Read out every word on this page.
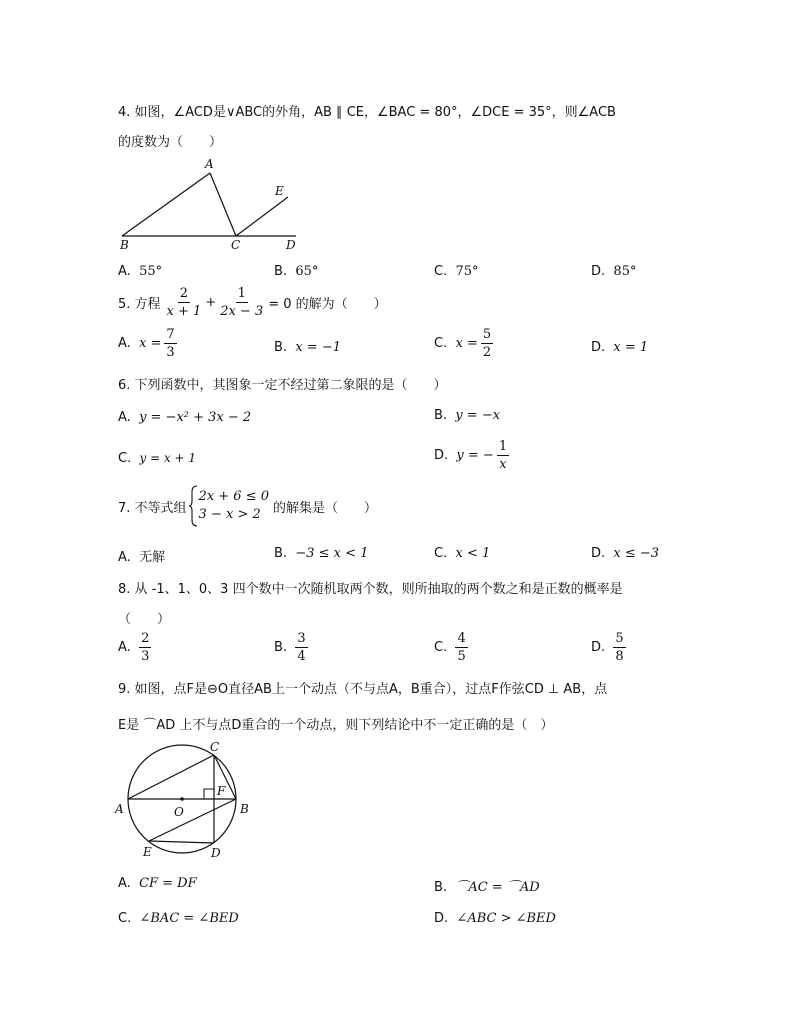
4. 如图，∠ACD是∨ABC的外角，AB ∥ CE，∠BAC = 80°，∠DCE = 35°，则∠ACB
的度数为（　　）
A
B	C	D
E
A. 55°	B. 65°	C. 75°	D. 85°
5. 方程 $\frac{2}{x + 1} + \frac{1}{2x - 3} = 0$ 的解为（　　）
A.
$x = \frac{7}{3}$	B. x = −1	C.
$x = \frac{5}{2}$	D. x = 1
6. 下列函数中，其图象一定不经过第二象限的是（　　）
A. y = −x² + 3x − 2	B. y = −x
C. y = x + 1	D.
y = − $\frac{1}{x}$
7. 不等式组
2x + 6 ≤ 0
3 − x > 2 的解集是（　　）
A. 无解	B. −3 ≤ x < 1	C. x < 1	D. x ≤ −3
8. 从 -1、1、0、3 四个数中一次随机取两个数，则所抽取的两个数之和是正数的概率是
（　　）
A.
$\frac{2}{3}$	B.
$\frac{3}{4}$	C.
$\frac{4}{5}$	D.
$\frac{5}{8}$
9. 如图，点F是⊖O直径AB上一个动点（不与点A，B重合），过点F作弦CD ⊥ AB，点
E是 ⌒AD 上不与点D重合的一个动点，则下列结论中不一定正确的是（　）
C
A	B
O
F
E	D
A. CF = DF	B. ⌒AC = ⌒AD
C. ∠BAC = ∠BED	D. ∠ABC > ∠BED
